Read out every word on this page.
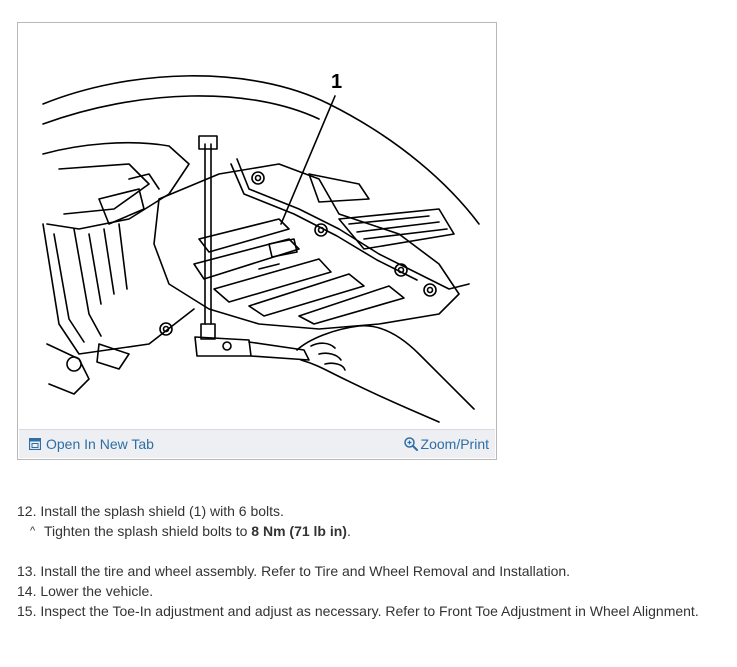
1
Open In New Tab	Zoom/Print

12. Install the splash shield (1) with 6 bolts.

^ Tighten the splash shield bolts to 8 Nm (71 lb in).

13. Install the tire and wheel assembly. Refer to Tire and Wheel Removal and Installation.

14. Lower the vehicle.

15. Inspect the Toe-In adjustment and adjust as necessary. Refer to Front Toe Adjustment in Wheel Alignment.
